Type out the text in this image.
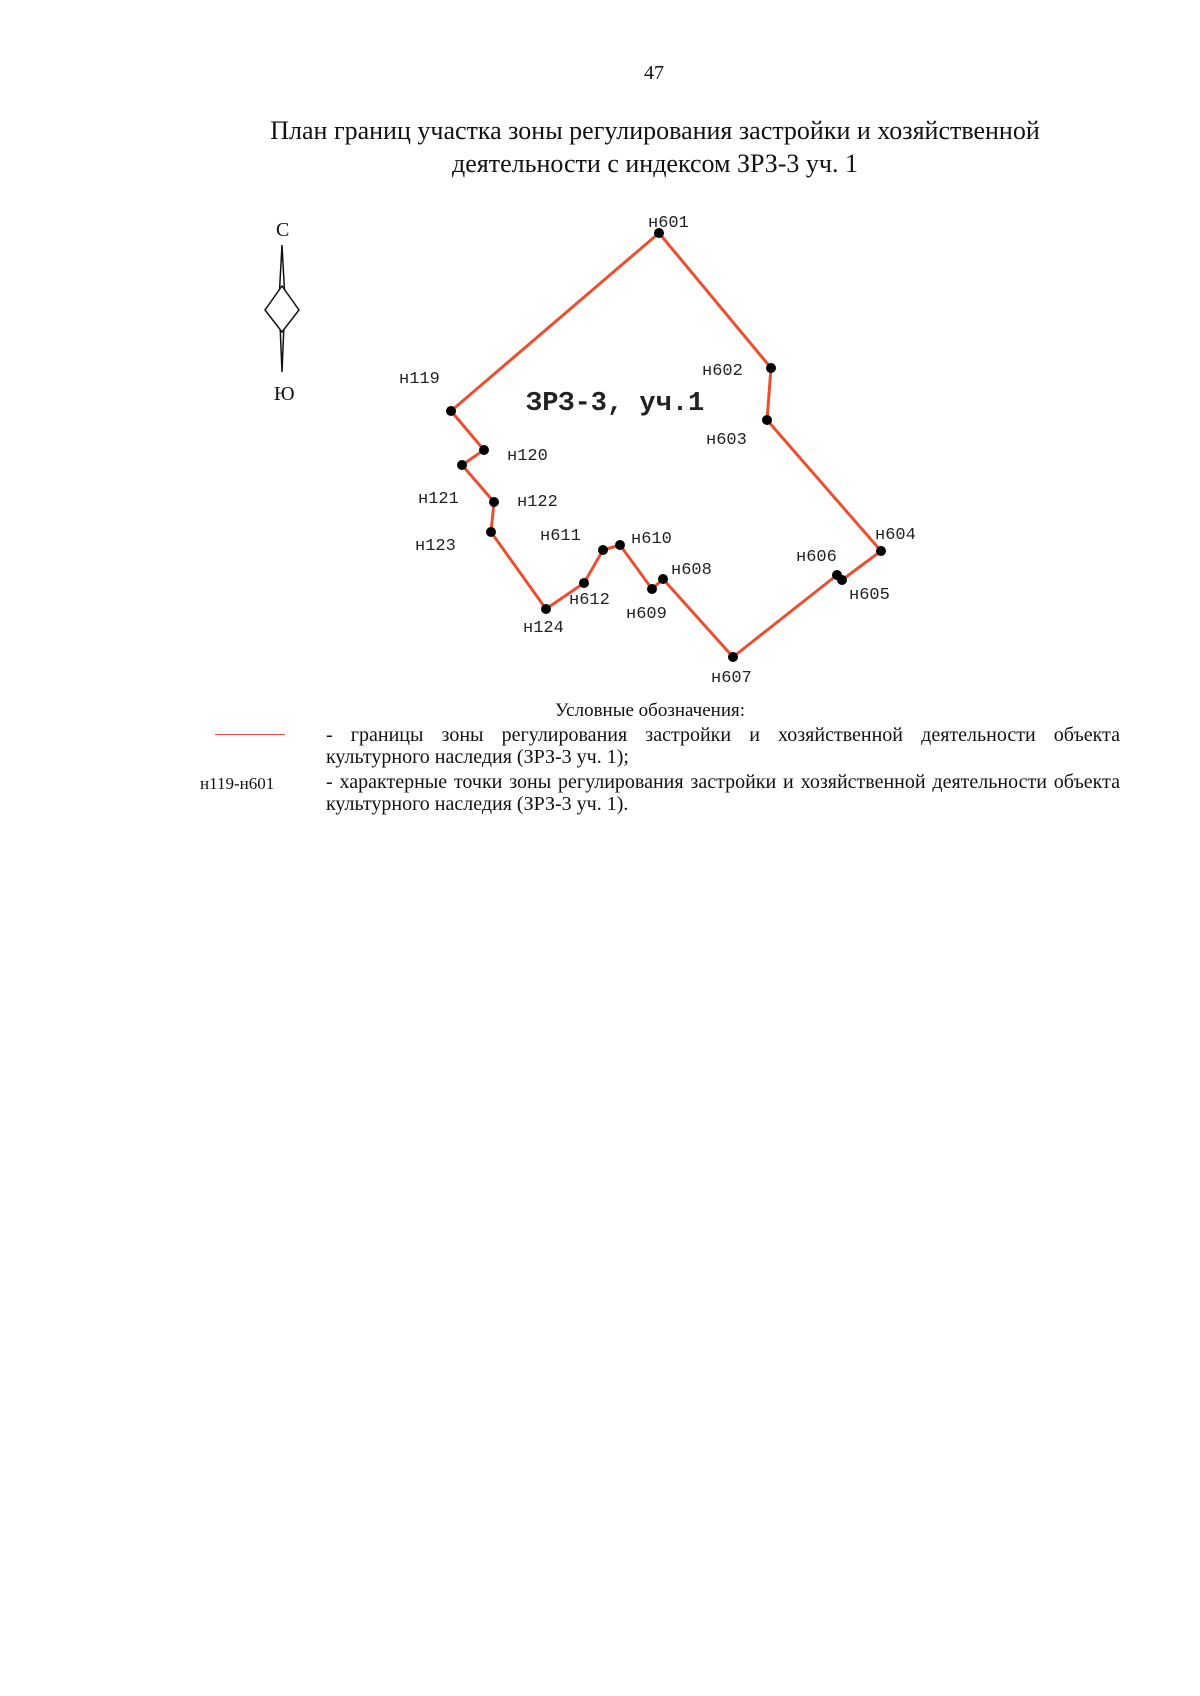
47
План границ участка зоны регулирования застройки и хозяйственной
деятельности с индексом ЗРЗ-3 уч. 1
С
Ю
н601
н602
н603
н604
н605
н606
н607
н608
н609
н610
н611
н612
н124
н123
н122
н121
н120
н119
ЗРЗ-3, уч.1
Условные обозначения:
- границы зоны регулирования застройки и хозяйственной деятельности объекта культурного наследия (ЗРЗ-3 уч. 1);
н119-н601	- характерные точки зоны регулирования застройки и хозяйственной деятельности объекта культурного наследия (ЗРЗ-3 уч. 1).
